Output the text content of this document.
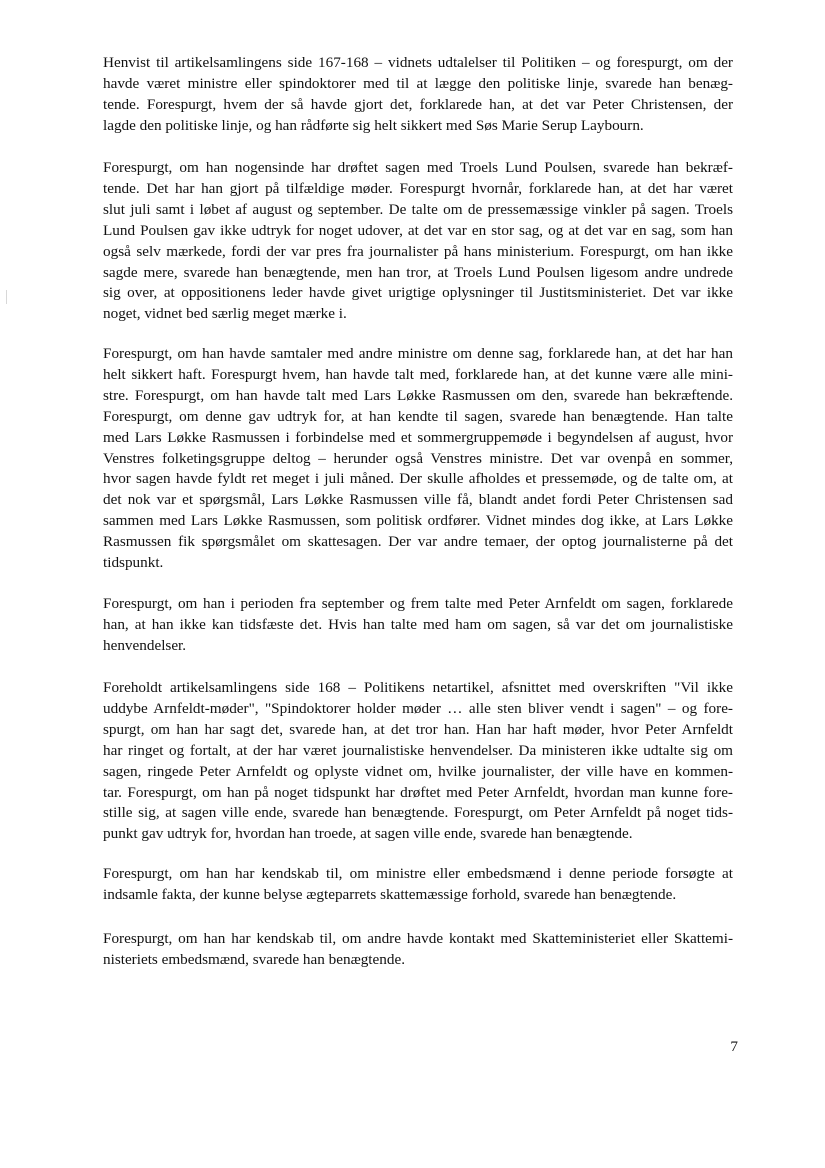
Henvist til artikelsamlingens side 167-168 – vidnets udtalelser til Politiken – og forespurgt, om der
havde været ministre eller spindoktorer med til at lægge den politiske linje, svarede han benæg-
tende. Forespurgt, hvem der så havde gjort det, forklarede han, at det var Peter Christensen, der
lagde den politiske linje, og han rådførte sig helt sikkert med Søs Marie Serup Laybourn.
Forespurgt, om han nogensinde har drøftet sagen med Troels Lund Poulsen, svarede han bekræf-
tende. Det har han gjort på tilfældige møder. Forespurgt hvornår, forklarede han, at det har været
slut juli samt i løbet af august og september. De talte om de pressemæssige vinkler på sagen. Troels
Lund Poulsen gav ikke udtryk for noget udover, at det var en stor sag, og at det var en sag, som han
også selv mærkede, fordi der var pres fra journalister på hans ministerium. Forespurgt, om han ikke
sagde mere, svarede han benægtende, men han tror, at Troels Lund Poulsen ligesom andre undrede
sig over, at oppositionens leder havde givet urigtige oplysninger til Justitsministeriet. Det var ikke
noget, vidnet bed særlig meget mærke i.
Forespurgt, om han havde samtaler med andre ministre om denne sag, forklarede han, at det har han
helt sikkert haft. Forespurgt hvem, han havde talt med, forklarede han, at det kunne være alle mini-
stre. Forespurgt, om han havde talt med Lars Løkke Rasmussen om den, svarede han bekræftende.
Forespurgt, om denne gav udtryk for, at han kendte til sagen, svarede han benægtende. Han talte
med Lars Løkke Rasmussen i forbindelse med et sommergruppemøde i begyndelsen af august, hvor
Venstres folketingsgruppe deltog – herunder også Venstres ministre. Det var ovenpå en sommer,
hvor sagen havde fyldt ret meget i juli måned. Der skulle afholdes et pressemøde, og de talte om, at
det nok var et spørgsmål, Lars Løkke Rasmussen ville få, blandt andet fordi Peter Christensen sad
sammen med Lars Løkke Rasmussen, som politisk ordfører. Vidnet mindes dog ikke, at Lars Løkke
Rasmussen fik spørgsmålet om skattesagen. Der var andre temaer, der optog journalisterne på det
tidspunkt.
Forespurgt, om han i perioden fra september og frem talte med Peter Arnfeldt om sagen, forklarede
han, at han ikke kan tidsfæste det. Hvis han talte med ham om sagen, så var det om journalistiske
henvendelser.
Foreholdt artikelsamlingens side 168 – Politikens netartikel, afsnittet med overskriften "Vil ikke
uddybe Arnfeldt-møder", "Spindoktorer holder møder … alle sten bliver vendt i sagen" – og fore-
spurgt, om han har sagt det, svarede han, at det tror han. Han har haft møder, hvor Peter Arnfeldt
har ringet og fortalt, at der har været journalistiske henvendelser. Da ministeren ikke udtalte sig om
sagen, ringede Peter Arnfeldt og oplyste vidnet om, hvilke journalister, der ville have en kommen-
tar. Forespurgt, om han på noget tidspunkt har drøftet med Peter Arnfeldt, hvordan man kunne fore-
stille sig, at sagen ville ende, svarede han benægtende. Forespurgt, om Peter Arnfeldt på noget tids-
punkt gav udtryk for, hvordan han troede, at sagen ville ende, svarede han benægtende.
Forespurgt, om han har kendskab til, om ministre eller embedsmænd i denne periode forsøgte at
indsamle fakta, der kunne belyse ægteparrets skattemæssige forhold, svarede han benægtende.
Forespurgt, om han har kendskab til, om andre havde kontakt med Skatteministeriet eller Skattemi-
nisteriets embedsmænd, svarede han benægtende.
7
